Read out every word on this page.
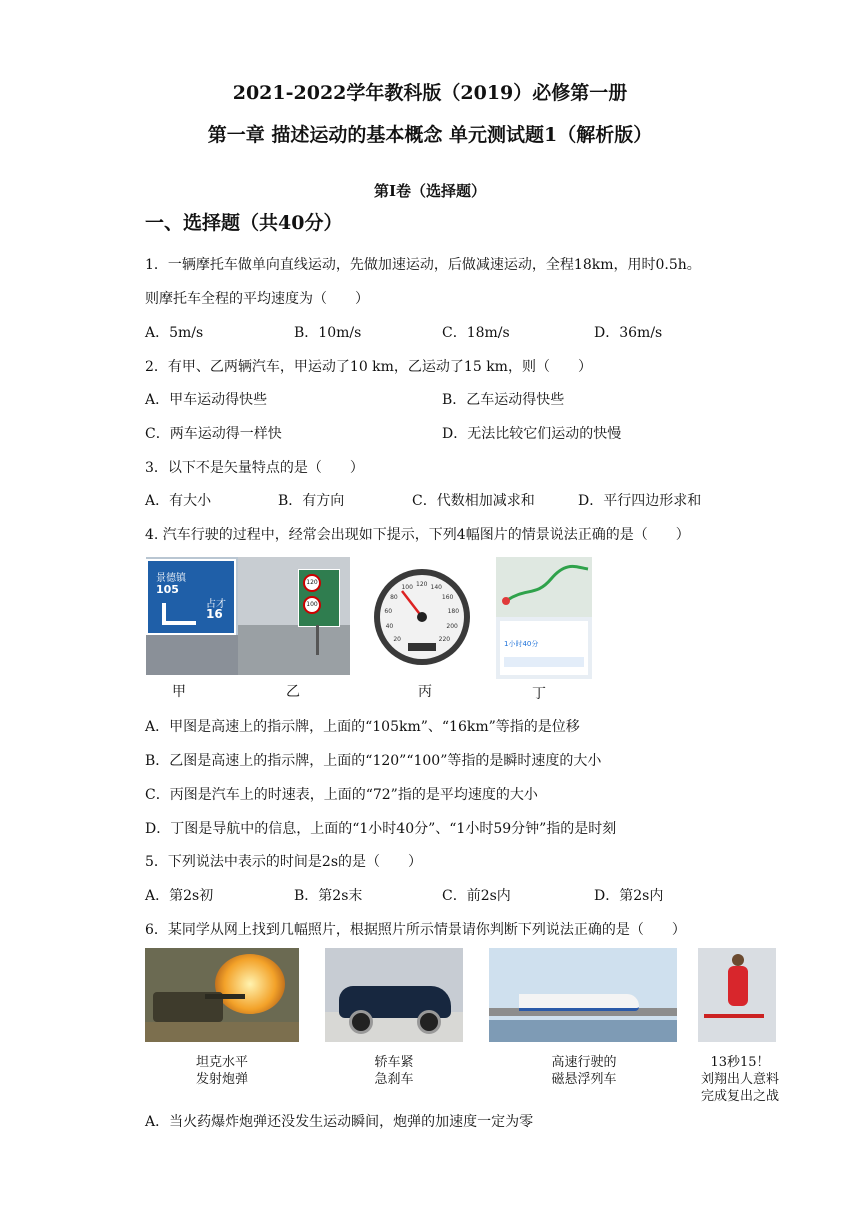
2021-2022学年教科版（2019）必修第一册
第一章 描述运动的基本概念 单元测试题1（解析版）
第Ⅰ卷（选择题）
一、选择题（共40分）
1．一辆摩托车做单向直线运动，先做加速运动，后做减速运动，全程18km，用时0.5h。
则摩托车全程的平均速度为（　　）
A．5m/s	B．10m/s	C．18m/s	D．36m/s
2．有甲、乙两辆汽车，甲运动了10 km，乙运动了15 km，则（　　）
A．甲车运动得快些	B．乙车运动得快些
C．两车运动得一样快	D．无法比较它们运动的快慢
3．以下不是矢量特点的是（　　）
A．有大小	B．有方向	C．代数相加减求和	D．平行四边形求和
4. 汽车行驶的过程中，经常会出现如下提示，下列4幅图片的情景说法正确的是（　　）
景德镇
105
占才
16
甲
120
100
乙
20
40
60
80
100 120 140
160
180
200
220
丙
1小时40分
丁
A．甲图是高速上的指示牌，上面的“105km”、“16km”等指的是位移
B．乙图是高速上的指示牌，上面的“120”“100”等指的是瞬时速度的大小
C．丙图是汽车上的时速表，上面的“72”指的是平均速度的大小
D．丁图是导航中的信息，上面的“1小时40分”、“1小时59分钟”指的是时刻
5．下列说法中表示的时间是2s的是（　　）
A．第2s初	B．第2s末	C．前2s内	D．第2s内
6．某同学从网上找到几幅照片，根据照片所示情景请你判断下列说法正确的是（　　）
坦克水平
发射炮弹
轿车紧
急刹车
高速行驶的
磁悬浮列车
13秒15！
刘翔出人意料
完成复出之战
A．当火药爆炸炮弹还没发生运动瞬间，炮弹的加速度一定为零
